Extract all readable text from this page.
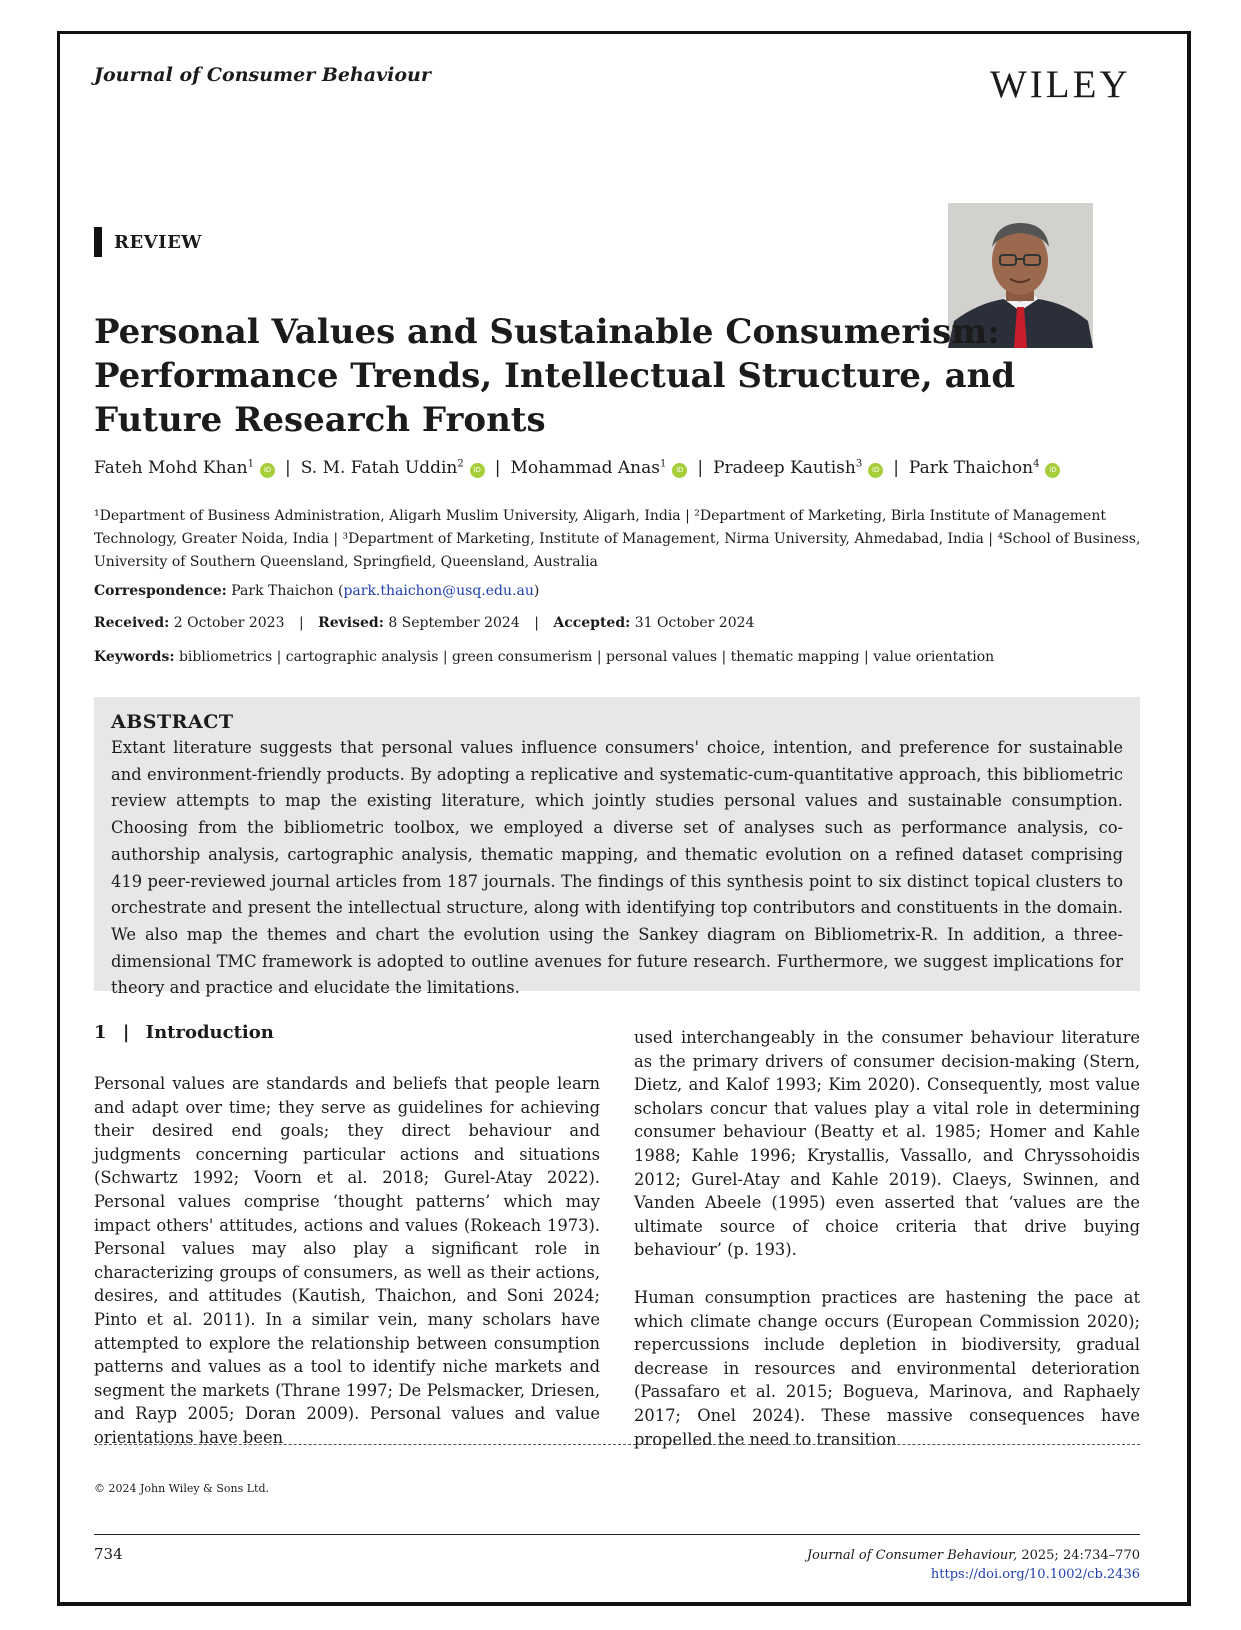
Journal of Consumer Behaviour	WILEY
REVIEW
Personal Values and Sustainable Consumerism: Performance Trends, Intellectual Structure, and Future Research Fronts
Fateh Mohd Khan$^1$iD | S. M. Fatah Uddin$^2$iD | Mohammad Anas$^1$iD | Pradeep Kautish$^3$iD | Park Thaichon$^4$iD
¹Department of Business Administration, Aligarh Muslim University, Aligarh, India | ²Department of Marketing, Birla Institute of Management Technology, Greater Noida, India | ³Department of Marketing, Institute of Management, Nirma University, Ahmedabad, India | ⁴School of Business, University of Southern Queensland, Springfield, Queensland, Australia
Correspondence: Park Thaichon (park.thaichon@usq.edu.au)
Received: 2 October 2023 | Revised: 8 September 2024 | Accepted: 31 October 2024
Keywords: bibliometrics | cartographic analysis | green consumerism | personal values | thematic mapping | value orientation
ABSTRACT

Extant literature suggests that personal values influence consumers' choice, intention, and preference for sustainable and environment-friendly products. By adopting a replicative and systematic-cum-quantitative approach, this bibliometric review attempts to map the existing literature, which jointly studies personal values and sustainable consumption. Choosing from the bibliometric toolbox, we employed a diverse set of analyses such as performance analysis, co-authorship analysis, cartographic analysis, thematic mapping, and thematic evolution on a refined dataset comprising 419 peer-reviewed journal articles from 187 journals. The findings of this synthesis point to six distinct topical clusters to orchestrate and present the intellectual structure, along with identifying top contributors and constituents in the domain. We also map the themes and chart the evolution using the Sankey diagram on Bibliometrix-R. In addition, a three-dimensional TMC framework is adopted to outline avenues for future research. Furthermore, we suggest implications for theory and practice and elucidate the limitations.

1 | Introduction

Personal values are standards and beliefs that people learn and adapt over time; they serve as guidelines for achieving their desired end goals; they direct behaviour and judgments concerning particular actions and situations (Schwartz 1992; Voorn et al. 2018; Gurel-Atay 2022). Personal values comprise ‘thought patterns’ which may impact others' attitudes, actions and values (Rokeach 1973). Personal values may also play a significant role in characterizing groups of consumers, as well as their actions, desires, and attitudes (Kautish, Thaichon, and Soni 2024; Pinto et al. 2011). In a similar vein, many scholars have attempted to explore the relationship between consumption patterns and values as a tool to identify niche markets and segment the markets (Thrane 1997; De Pelsmacker, Driesen, and Rayp 2005; Doran 2009). Personal values and value orientations have been

used interchangeably in the consumer behaviour literature as the primary drivers of consumer decision-making (Stern, Dietz, and Kalof 1993; Kim 2020). Consequently, most value scholars concur that values play a vital role in determining consumer behaviour (Beatty et al. 1985; Homer and Kahle 1988; Kahle 1996; Krystallis, Vassallo, and Chryssohoidis 2012; Gurel-Atay and Kahle 2019). Claeys, Swinnen, and Vanden Abeele (1995) even asserted that ‘values are the ultimate source of choice criteria that drive buying behaviour’ (p. 193).

Human consumption practices are hastening the pace at which climate change occurs (European Commission 2020); repercussions include depletion in biodiversity, gradual decrease in resources and environmental deterioration (Passafaro et al. 2015; Bogueva, Marinova, and Raphaely 2017; Onel 2024). These massive consequences have propelled the need to transition

© 2024 John Wiley & Sons Ltd.
734	Journal of Consumer Behaviour, 2025; 24:734–770
https://doi.org/10.1002/cb.2436
